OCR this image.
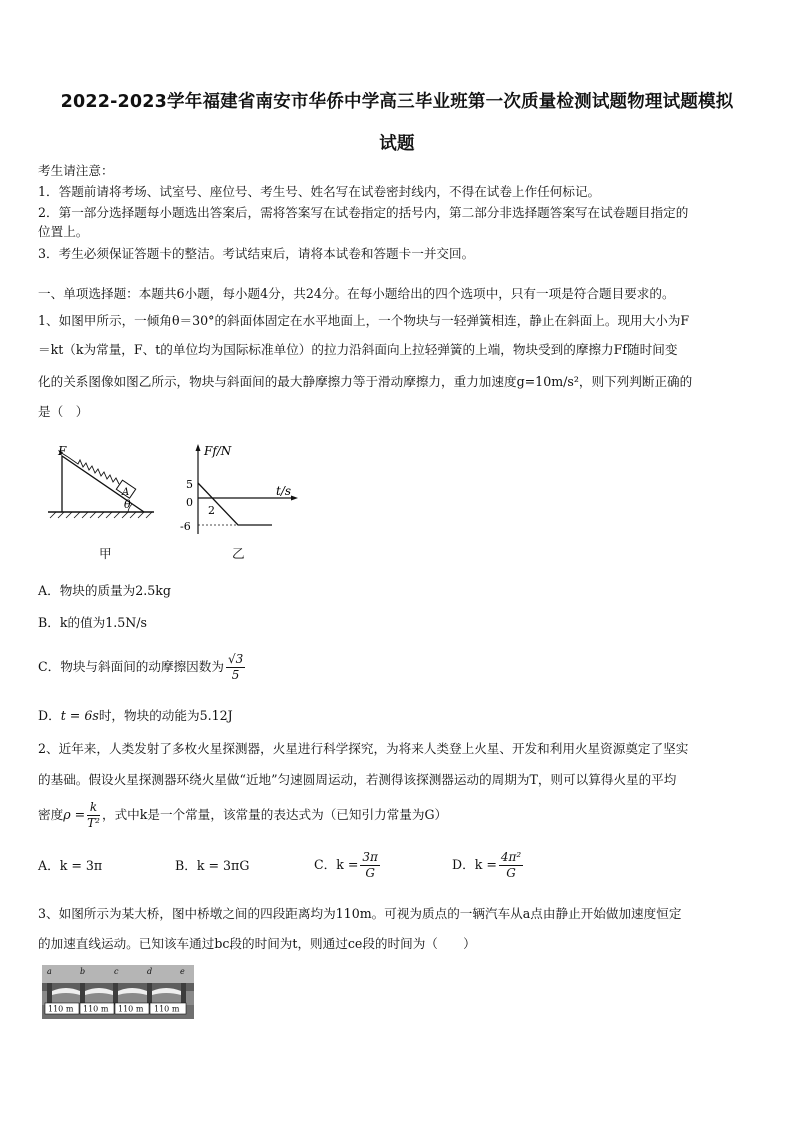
2022-2023学年福建省南安市华侨中学高三毕业班第一次质量检测试题物理试题模拟
试题
考生请注意：
1．答题前请将考场、试室号、座位号、考生号、姓名写在试卷密封线内，不得在试卷上作任何标记。
2．第一部分选择题每小题选出答案后，需将答案写在试卷指定的括号内，第二部分非选择题答案写在试卷题目指定的
位置上。
3．考生必须保证答题卡的整洁。考试结束后，请将本试卷和答题卡一并交回。
一、单项选择题：本题共6小题，每小题4分，共24分。在每小题给出的四个选项中，只有一项是符合题目要求的。
1、如图甲所示，一倾角θ＝30°的斜面体固定在水平地面上，一个物块与一轻弹簧相连，静止在斜面上。现用大小为F
＝kt（k为常量，F、t的单位均为国际标准单位）的拉力沿斜面向上拉轻弹簧的上端，物块受到的摩擦力Ff随时间变
化的关系图像如图乙所示，物块与斜面间的最大静摩擦力等于滑动摩擦力，重力加速度g=10m/s²，则下列判断正确的
是（　）
A
F
θ
Ff/N
t/s
5
0
-6
2
甲	乙
A．物块的质量为2.5kg
B．k的值为1.5N/s
C．物块与斜面间的动摩擦因数为 $\frac{√3}{5}$
D．t = 6s时，物块的动能为5.12J
2、近年来，人类发射了多枚火星探测器，火星进行科学探究，为将来人类登上火星、开发和利用火星资源奠定了坚实
的基础。假设火星探测器环绕火星做“近地”匀速圆周运动，若测得该探测器运动的周期为T，则可以算得火星的平均
密度$\rho = \frac{k}{\text{T²}}$ ，式中k是一个常量，该常量的表达式为（已知引力常量为G）
A．k = 3π	B．k = 3πG	C．$k = \frac{3\pi}{G}$	D．$k = \frac{\text{4π²}}{G}$
3、如图所示为某大桥，图中桥墩之间的四段距离均为110m。可视为质点的一辆汽车从a点由静止开始做加速度恒定
的加速直线运动。已知该车通过bc段的时间为t，则通过ce段的时间为（　　）
a	b	c	d	e
110 m 110 m 110 m 110 m
